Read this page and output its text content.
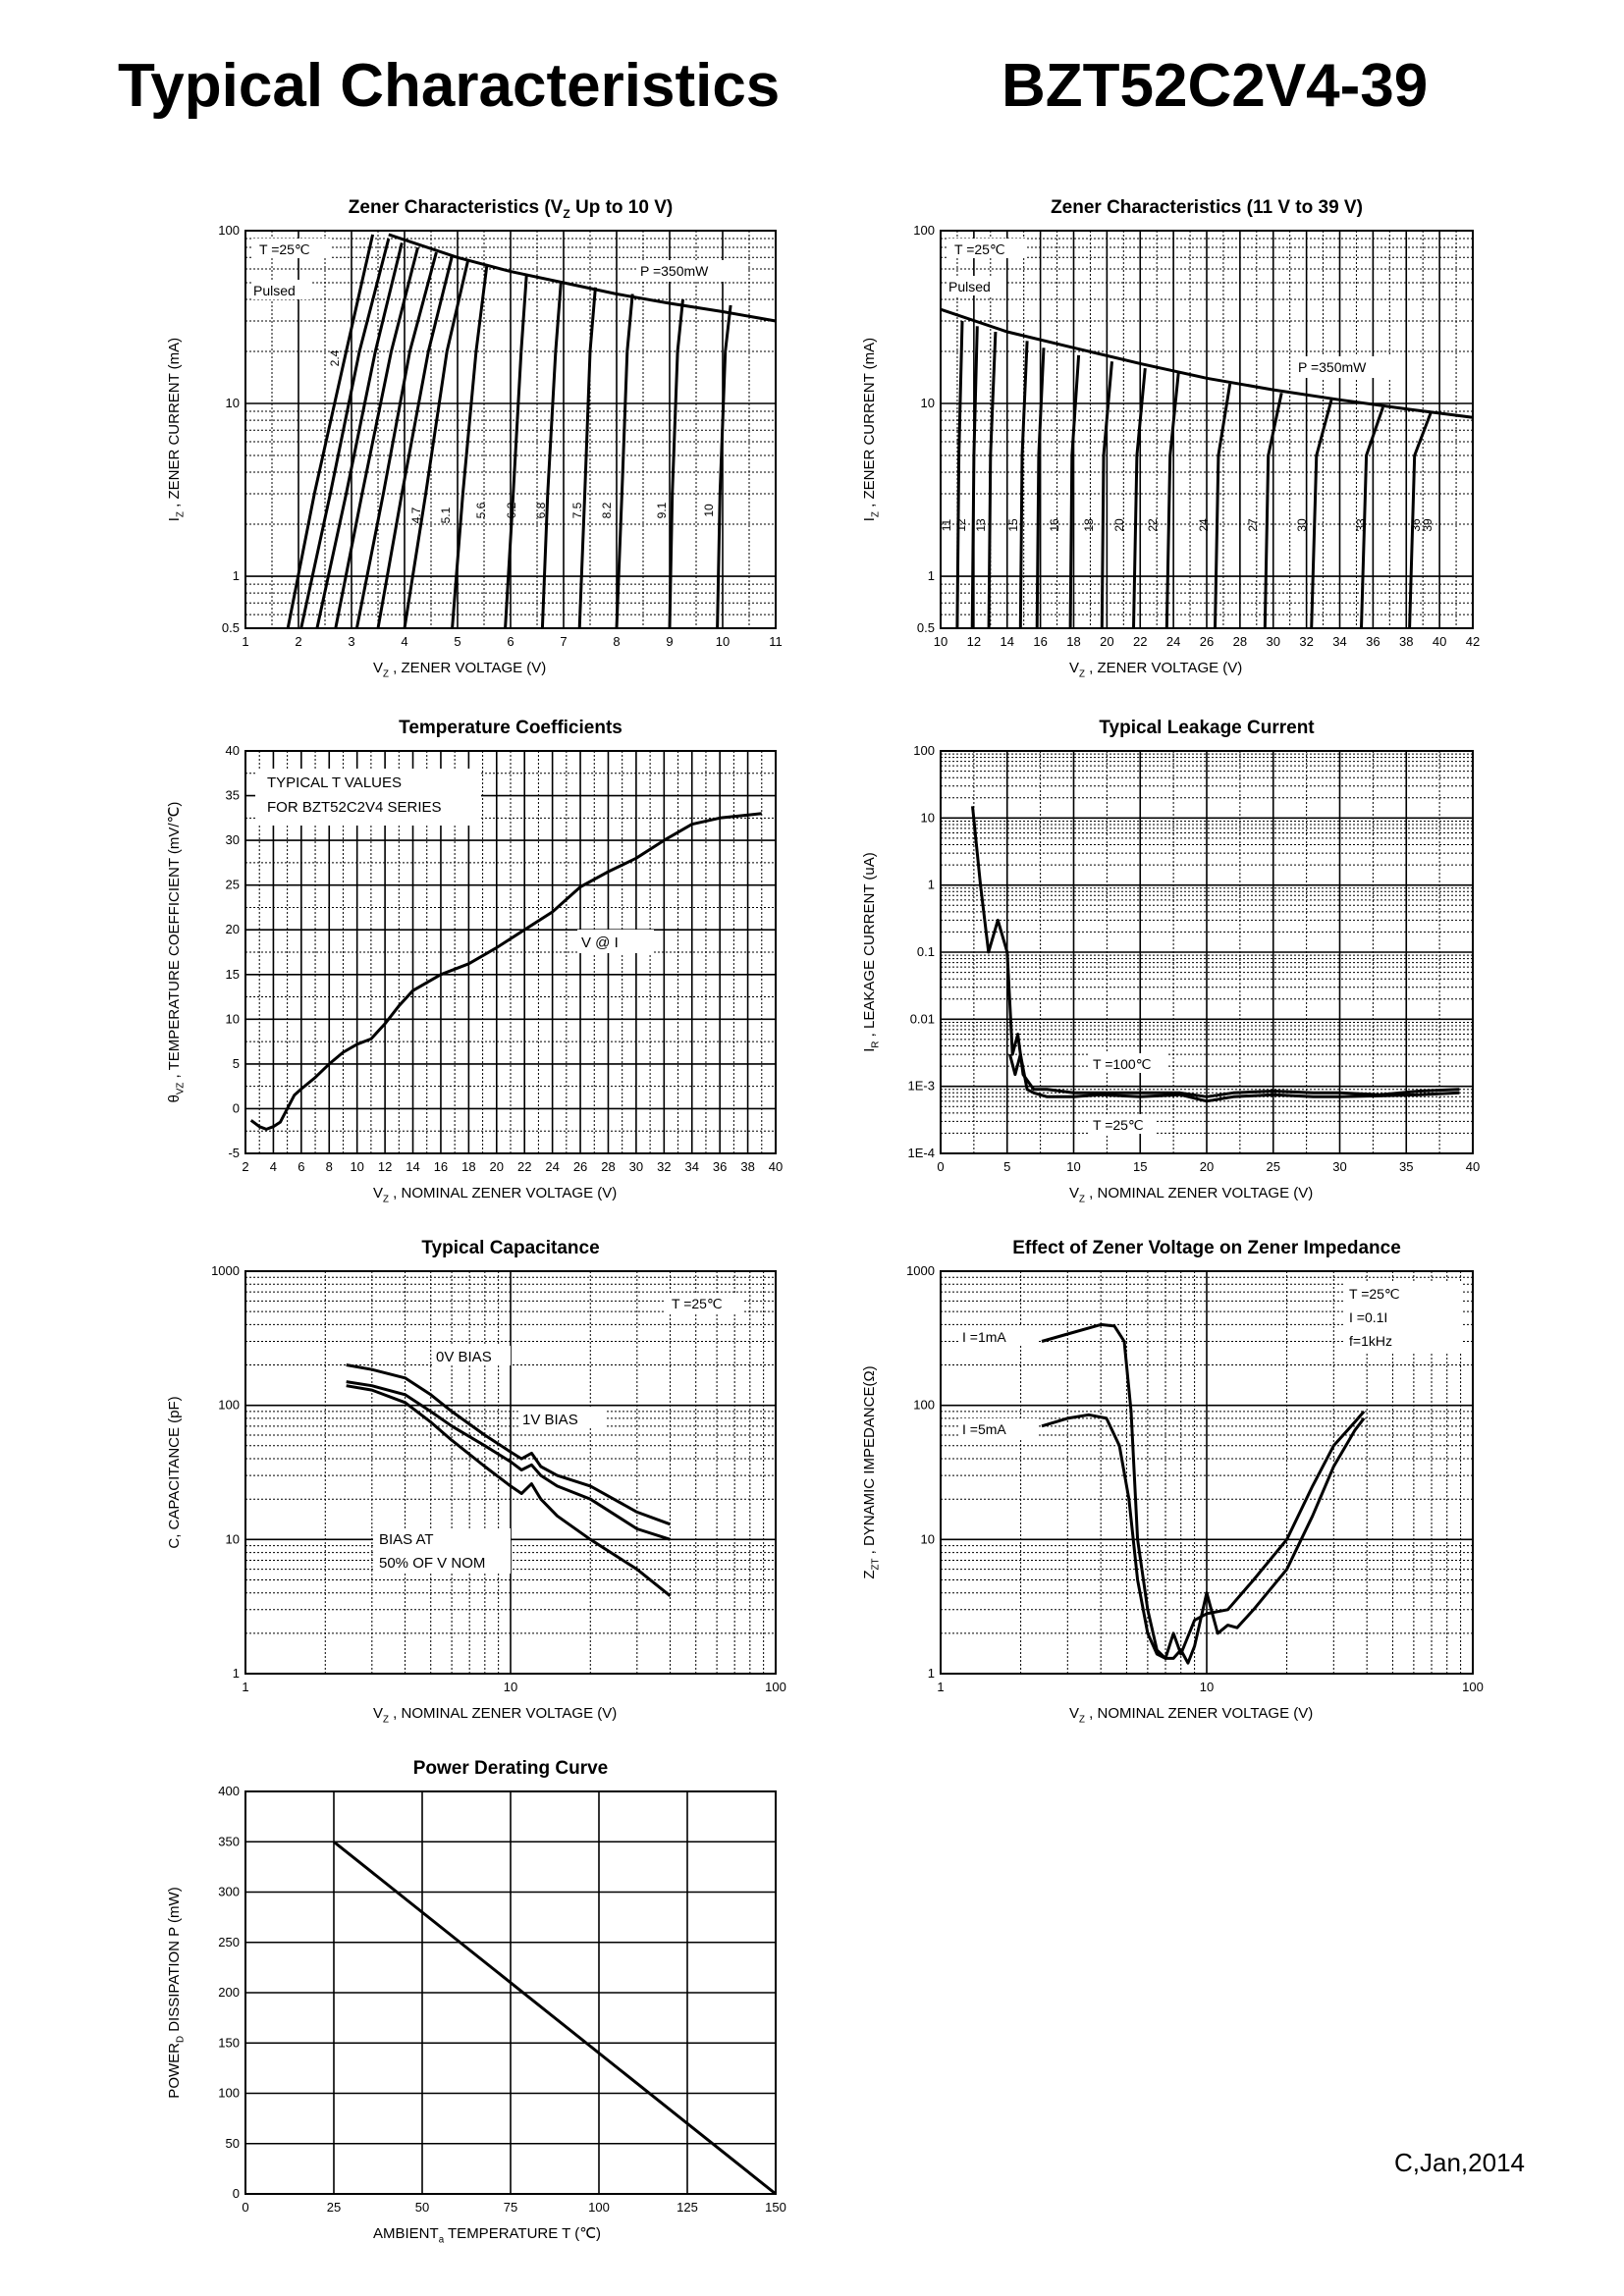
Typical Characteristics	BZT52C2V4-39
C,Jan,2014
Zener Characteristics ($V_Z$ Up to 10 V)
1	2	3	4	5	6	7	8	9	10	11
0.5
1
10
100
$V_Z$ , ZENER VOLTAGE (V)
$I_Z$ , ZENER CURRENT (mA)
T =25℃
Pulsed
P =350mW
2.4
4.7 5.1 5.6 6.2 6.8 7.5 8.2	9.1	10
Zener Characteristics (11 V to 39 V)
10 12 14 16 18 20 22 24 26 28 30 32 34 36 38 40 42
0.5
1
10
100
$V_Z$ , ZENER VOLTAGE (V)
$I_Z$ , ZENER CURRENT (mA)
T =25℃
Pulsed
P =350mW
11 12 13 15 16 18 20 22	24	27	30	33	36
39
Temperature Coefficients
2 4 6 8 10 12 14 16 18 20 22 24 26 28 30 32 34 36 38 40
-5
0
5
10
15
20
25
30
35
40
$V_Z$ , NOMINAL ZENER VOLTAGE (V)
$\theta_{VZ}$ , TEMPERATURE COEFFICIENT (mV/℃)
TYPICAL T VALUES
FOR BZT52C2V4 SERIES
V @ I
Typical Leakage Current
0	5	10	15	20	25	30	35	40
1E-4
1E-3
0.01
0.1
1
10
100
$V_Z$ , NOMINAL ZENER VOLTAGE (V)
$I_R$ , LEAKAGE CURRENT (uA)
T =100℃
T =25℃
Typical Capacitance
1	10	100
1
10
100
1000
$V_Z$ , NOMINAL ZENER VOLTAGE (V)
C, CAPACITANCE (pF)
T =25℃
0V BIAS
1V BIAS
BIAS AT
50% OF V NOM
Effect of Zener Voltage on Zener Impedance
1	10	100
1
10
100
1000
$V_Z$ , NOMINAL ZENER VOLTAGE (V)
$Z_{ZT}$ , DYNAMIC IMPEDANCE(Ω)
T =25℃
I =0.1I
f=1kHz
I =1mA
I =5mA
Power Derating Curve
0	25	50	75	100	125	150
0
50
100
150
200
250
300
350
400
$AMBIENT_a$ TEMPERATURE T (℃)
$POWER_D$ DISSIPATION P (mW)
